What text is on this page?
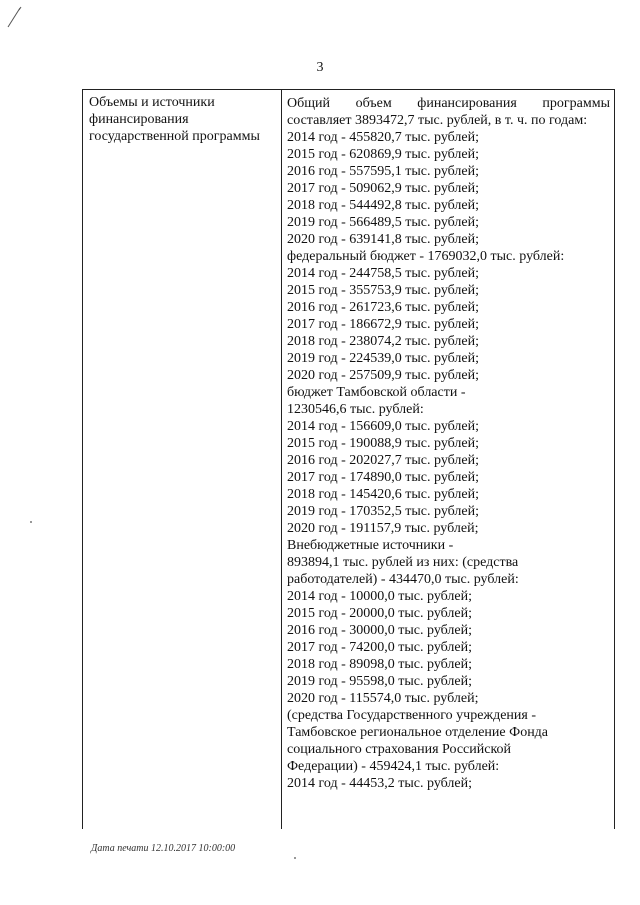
3
Объемы и источники финансирования государственной программы
Общий объем финансирования программы составляет 3893472,7 тыс. рублей, в т. ч. по годам:
2014 год - 455820,7 тыс. рублей;
2015 год - 620869,9 тыс. рублей;
2016 год - 557595,1 тыс. рублей;
2017 год - 509062,9 тыс. рублей;
2018 год - 544492,8 тыс. рублей;
2019 год - 566489,5 тыс. рублей;
2020 год - 639141,8 тыс. рублей;
федеральный бюджет - 1769032,0 тыс. рублей:
2014 год - 244758,5 тыс. рублей;
2015 год - 355753,9 тыс. рублей;
2016 год - 261723,6 тыс. рублей;
2017 год - 186672,9 тыс. рублей;
2018 год - 238074,2 тыс. рублей;
2019 год - 224539,0 тыс. рублей;
2020 год - 257509,9 тыс. рублей;
бюджет Тамбовской области -
1230546,6 тыс. рублей:
2014 год - 156609,0 тыс. рублей;
2015 год - 190088,9 тыс. рублей;
2016 год - 202027,7 тыс. рублей;
2017 год - 174890,0 тыс. рублей;
2018 год - 145420,6 тыс. рублей;
2019 год - 170352,5 тыс. рублей;
2020 год - 191157,9 тыс. рублей;
Внебюджетные источники -
893894,1 тыс. рублей из них: (средства
работодателей) - 434470,0 тыс. рублей:
2014 год - 10000,0 тыс. рублей;
2015 год - 20000,0 тыс. рублей;
2016 год - 30000,0 тыс. рублей;
2017 год - 74200,0 тыс. рублей;
2018 год - 89098,0 тыс. рублей;
2019 год - 95598,0 тыс. рублей;
2020 год - 115574,0 тыс. рублей;
(средства Государственного учреждения -
Тамбовское региональное отделение Фонда
социального страхования Российской
Федерации) - 459424,1 тыс. рублей:
2014 год - 44453,2 тыс. рублей;
Дата печати 12.10.2017 10:00:00
